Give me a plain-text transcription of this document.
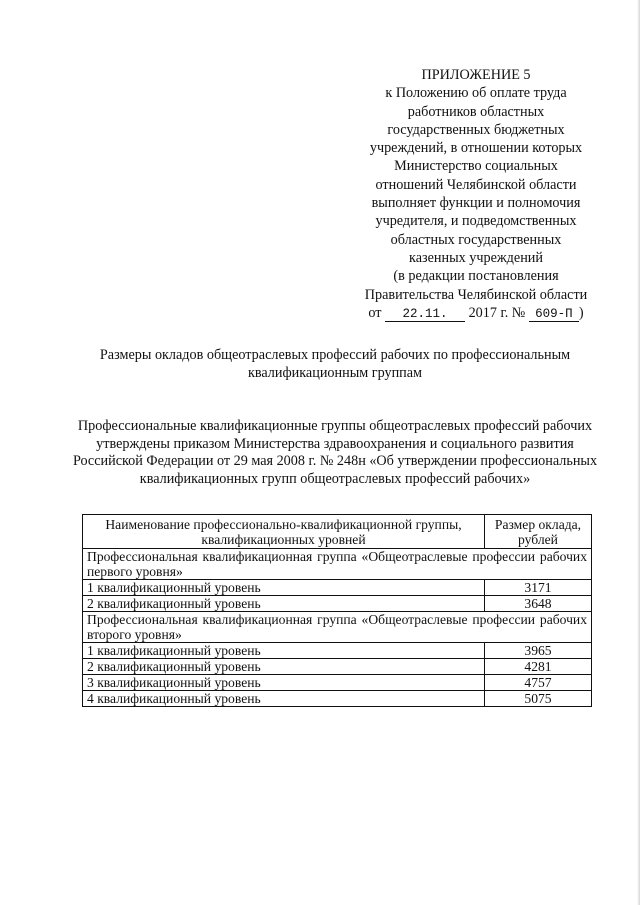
ПРИЛОЖЕНИЕ 5
к Положению об оплате труда
работников областных
государственных бюджетных
учреждений, в отношении которых
Министерство социальных
отношений Челябинской области
выполняет функции и полномочия
учредителя, и подведомственных
областных государственных
казенных учреждений
(в редакции постановления
Правительства Челябинской области
от 22.11. 2017 г. № 609-П )
Размеры окладов общеотраслевых профессий рабочих по профессиональным квалификационным группам
Профессиональные квалификационные группы общеотраслевых профессий рабочих утверждены приказом Министерства здравоохранения и социального развития Российской Федерации от 29 мая 2008 г. № 248н «Об утверждении профессиональных квалификационных групп общеотраслевых профессий рабочих»
Наименование профессионально-квалификационной группы, квалификационных уровней	Размер оклада, рублей
Профессиональная квалификационная группа «Общеотраслевые профессии рабочих первого уровня»	
1 квалификационный уровень	3171
2 квалификационный уровень	3648
Профессиональная квалификационная группа «Общеотраслевые профессии рабочих второго уровня»	
1 квалификационный уровень	3965
2 квалификационный уровень	4281
3 квалификационный уровень	4757
4 квалификационный уровень	5075
